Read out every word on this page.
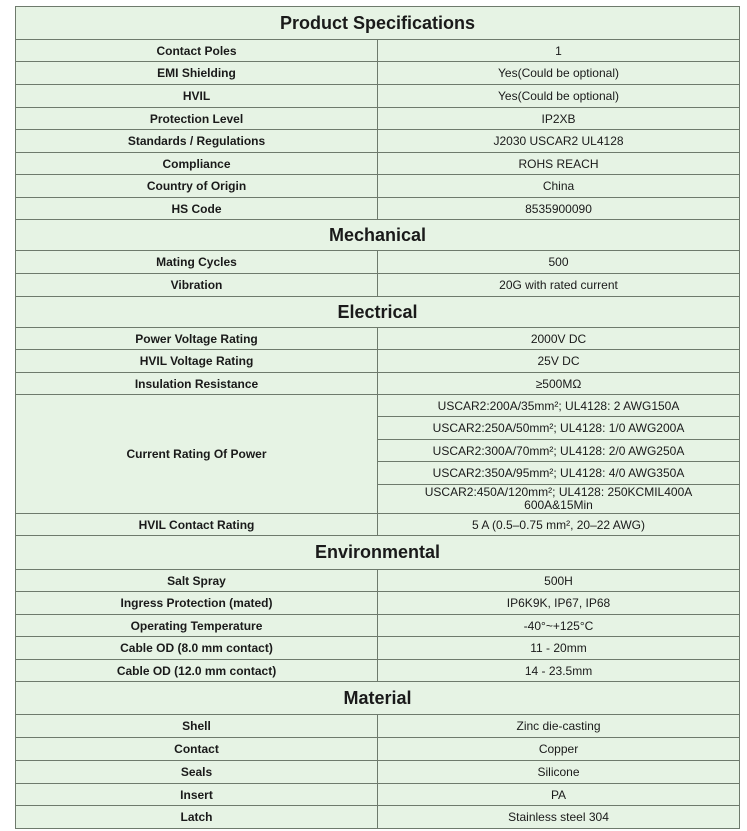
Product Specifications	
Contact Poles	1
EMI Shielding	Yes(Could be optional)
HVIL	Yes(Could be optional)
Protection Level	IP2XB
Standards / Regulations	J2030 USCAR2 UL4128
Compliance	ROHS REACH
Country of Origin	China
HS Code	8535900090
Mechanical	
Mating Cycles	500
Vibration	20G with rated current
Electrical	
Power Voltage Rating	2000V DC
HVIL Voltage Rating	25V DC
Insulation Resistance	≥500MΩ
Current Rating Of Power	USCAR2:200A/35mm²; UL4128: 2 AWG150A
	USCAR2:250A/50mm²; UL4128: 1/0 AWG200A
	USCAR2:300A/70mm²; UL4128: 2/0 AWG250A
	USCAR2:350A/95mm²; UL4128: 4/0 AWG350A

	USCAR2:450A/120mm²; UL4128: 250KCMIL400A
600A&15Min

HVIL Contact Rating	5 A (0.5–0.75 mm², 20–22 AWG)
Environmental	
Salt Spray	500H
Ingress Protection (mated)	IP6K9K, IP67, IP68
Operating Temperature	-40°~+125°C
Cable OD (8.0 mm contact)	11 - 20mm
Cable OD (12.0 mm contact)	14 - 23.5mm
Material	
Shell	Zinc die-casting
Contact	Copper
Seals	Silicone
Insert	PA
Latch	Stainless steel 304
